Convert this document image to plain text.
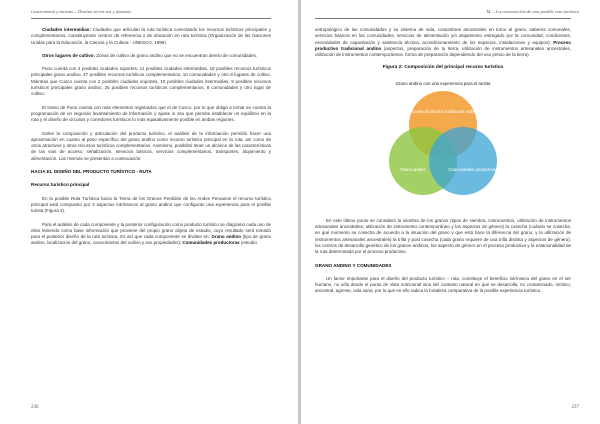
Gastronomía y turismo – Destino sierra sur y pitanzas

Ciudades intermedias: Ciudades que articulan la ruta turística conectando los recursos turísticos principales y complementarios, constituyendo centros de referencia o de ubicación en ruta turística (Organización de las Naciones Unidas para la Educación, la Ciencia y la Cultura - UNESCO, 1999).

Otros lugares de cultivo: Zonas de cultivo de grano andino que no se encuentran dentro de comunidades.

Puno cuenta con 3 posibles ciudades soportes, 11 posibles ciudades intermedias, 18 posibles recursos turísticos principales grano andino, 47 posibles recursos turísticos complementarios, 10 comunidades y otro 8 lugares de cultivo. Mientras que Cusco cuenta con 2 posibles ciudades soportes, 10 posibles ciudades intermedias, 9 posibles recursos turísticos principales grano andino, 25 posibles recursos turísticos complementarios, 8 comunidades y otro lugar de cultivo.

El tramo de Puno cuenta con más elementos registrados que el de Cusco, por lo que obliga a tomar en cuenta la programación de un segundo levantamiento de información y ajuste in situ que permita establecer un equilibrio en la ruta y el diseño de circuitos y corredores turísticos lo más equitativamente posible en ambas regiones.

Sobre la composición y articulación del producto turístico, el análisis de la información permitió hacer una aproximación en cuanto al peso específico del grano andino como recurso turístico principal en la ruta, así como de otros atractivos y otros recursos turísticos complementarios. Asimismo, posibilitó tener un alcance de las características de las vías de acceso, señalización, servicios básicos, servicios complementarios, transportes, alojamiento y alimentación. Las mismas se presentan a continuación.

HACIA EL DISEÑO DEL PRODUCTO TURÍSTICO - RUTA

Recurso turístico principal

En la posible Ruta Turística hacia la Tierra de los Granos Perdidos de los Andes Peruanos el recurso turístico principal está compuesto por 3 aspectos intrínsecos al grano andino que configuran una experiencia para el posible turista (Figura 2).

Para el análisis de cada componente y la posterior configuración como producto turístico se diagramó cada uno de ellos teniendo como base información que proviene del propio grano objeto de estudio, cuyo resultado será tomado para el posterior diseño de la ruta turística. Es así que cada componente se dividen en: Grano andino (tipo de grano andino, localización del grano, conocimiento del cultivo y sus propiedades); Comunidades productoras (estudio

236
M. – La construcción de una posible ruta turística

antropológico de las comunidades y su sistema de vida, costumbres ancestrales en torno al grano, saberes comunales, servicios básicos en las comunidades, servicios de alimentación y/o alojamiento entregado por la comunidad, condiciones, necesidades de capacitación y asistencia técnica, acondicionamiento de los espacios, instalaciones y equipos); Proceso productivo tradicional andino (aspectos, preparación de la tierra, utilización de instrumentos artesanales ancestrales, utilización de instrumentos contemporáneos, forma de preparación dependiendo del uso previo de la tierra).

Figura 2: Composición del principal recurso turístico

Grano andino con una experiencia para el turista
Proceso productivo tradicional andino
Grano andino	Comunidades productoras

En este último punto se consideró la siembra de los granos (tipos de siembra, instrumentos, utilización de instrumentos artesanales ancestrales, utilización de instrumento contemporáneo y los aspectos de género) la cosecha (cuándo se cosecha, en qué momento se cosecha de acuerdo a la situación del grano y que está hace la diferencia del grano, y la utilización de instrumentos artesanales ancestrales) la trilla y post cosecha (cada grano requiere de una trilla distinta y aspectos de género), los centros de desarrollo genético de los granos andinos, los aspecto de género en el proceso productivo y la estacionalidad de la ruta determinada por el proceso productivo.

GRANO ANDINO Y COMUNIDADES

Un factor importante para el diseño del producto turístico – ruta, constituye el beneficio intrínseco del grano en el ser humano, no sólo desde el punto de vista nutricional sino del contexto natural en que se desarrolla, no contaminado, místico, ancestral, agreste, vida sana, por lo que en ello radica la fortaleza comparativa de la posible experiencia turística.

237
